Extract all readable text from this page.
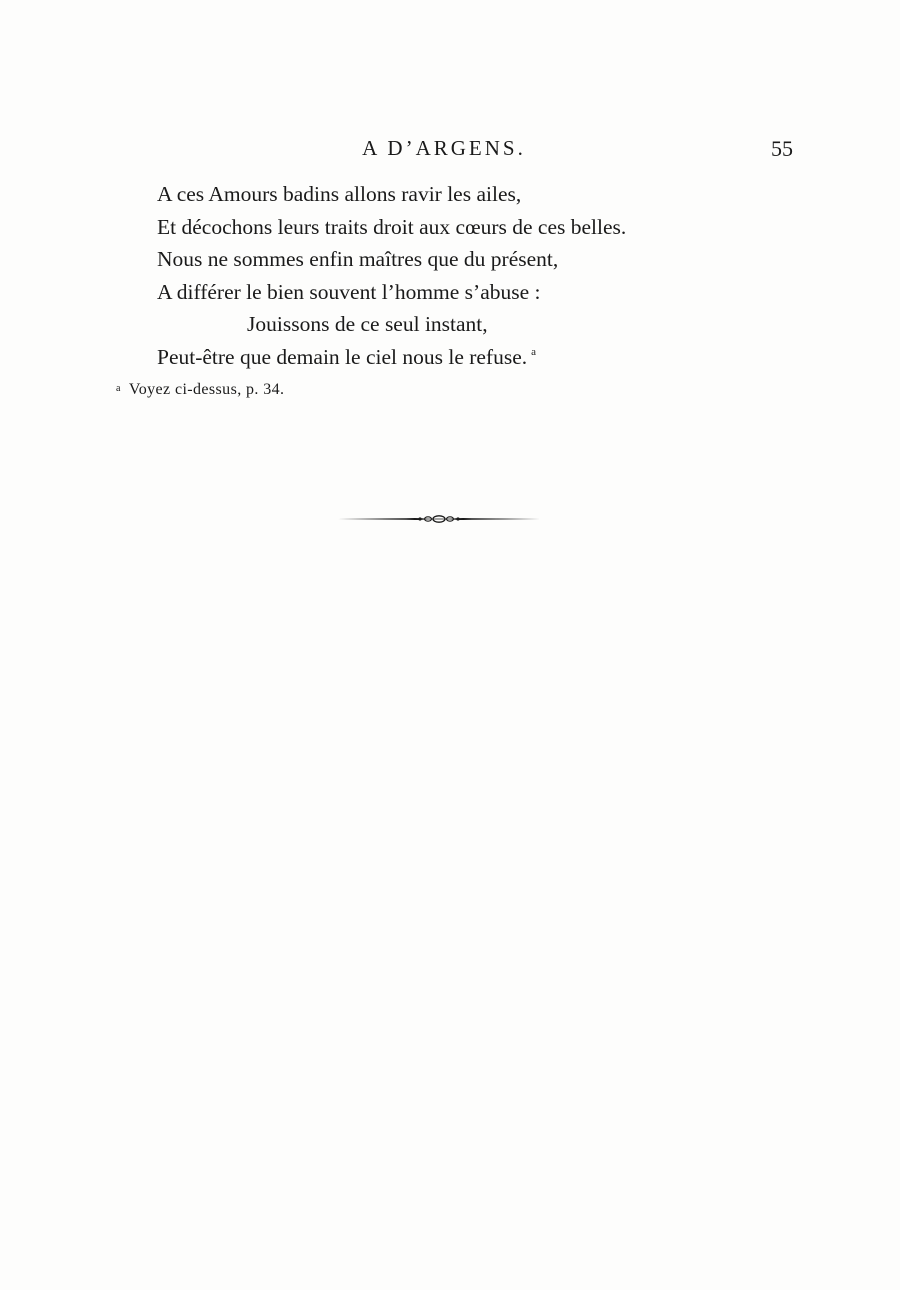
A D’ARGENS.	55
A ces Amours badins allons ravir les ailes,
Et décochons leurs traits droit aux cœurs de ces belles.
Nous ne sommes enfin maîtres que du présent,
A différer le bien souvent l’homme s’abuse :
Jouissons de ce seul instant,
Peut-être que demain le ciel nous le refuse. $^a$
a Voyez ci-dessus, p. 34.
